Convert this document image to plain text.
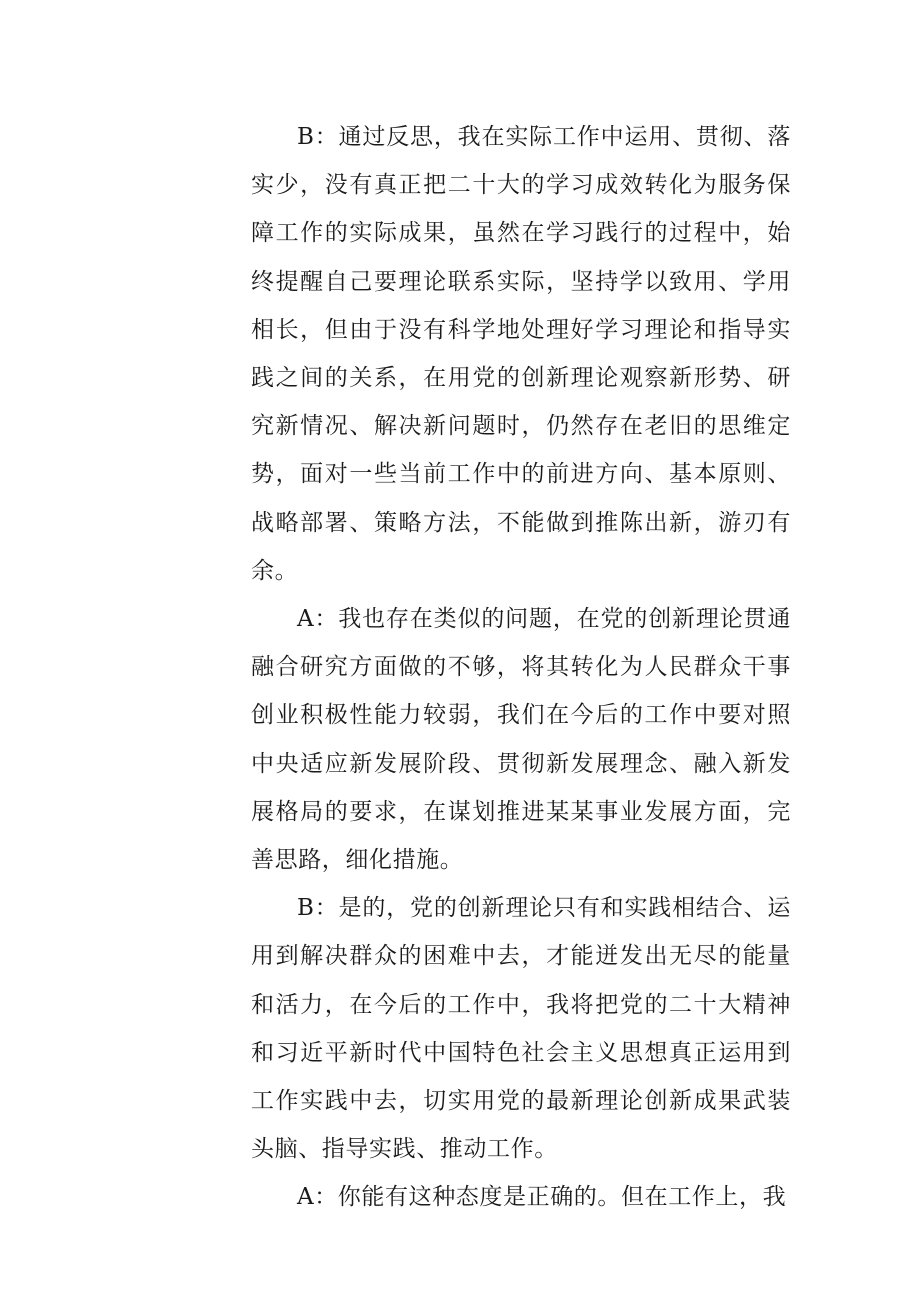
B：通过反思，我在实际工作中运用、贯彻、落实少，没有真正把二十大的学习成效转化为服务保障工作的实际成果，虽然在学习践行的过程中，始终提醒自己要理论联系实际，坚持学以致用、学用相长，但由于没有科学地处理好学习理论和指导实践之间的关系，在用党的创新理论观察新形势、研究新情况、解决新问题时，仍然存在老旧的思维定势，面对一些当前工作中的前进方向、基本原则、战略部署、策略方法，不能做到推陈出新，游刃有余。

A：我也存在类似的问题，在党的创新理论贯通融合研究方面做的不够，将其转化为人民群众干事创业积极性能力较弱，我们在今后的工作中要对照中央适应新发展阶段、贯彻新发展理念、融入新发展格局的要求，在谋划推进某某事业发展方面，完善思路，细化措施。

B：是的，党的创新理论只有和实践相结合、运用到解决群众的困难中去，才能迸发出无尽的能量和活力，在今后的工作中，我将把党的二十大精神和习近平新时代中国特色社会主义思想真正运用到工作实践中去，切实用党的最新理论创新成果武装头脑、指导实践、推动工作。

A：你能有这种态度是正确的。但在工作上，我
